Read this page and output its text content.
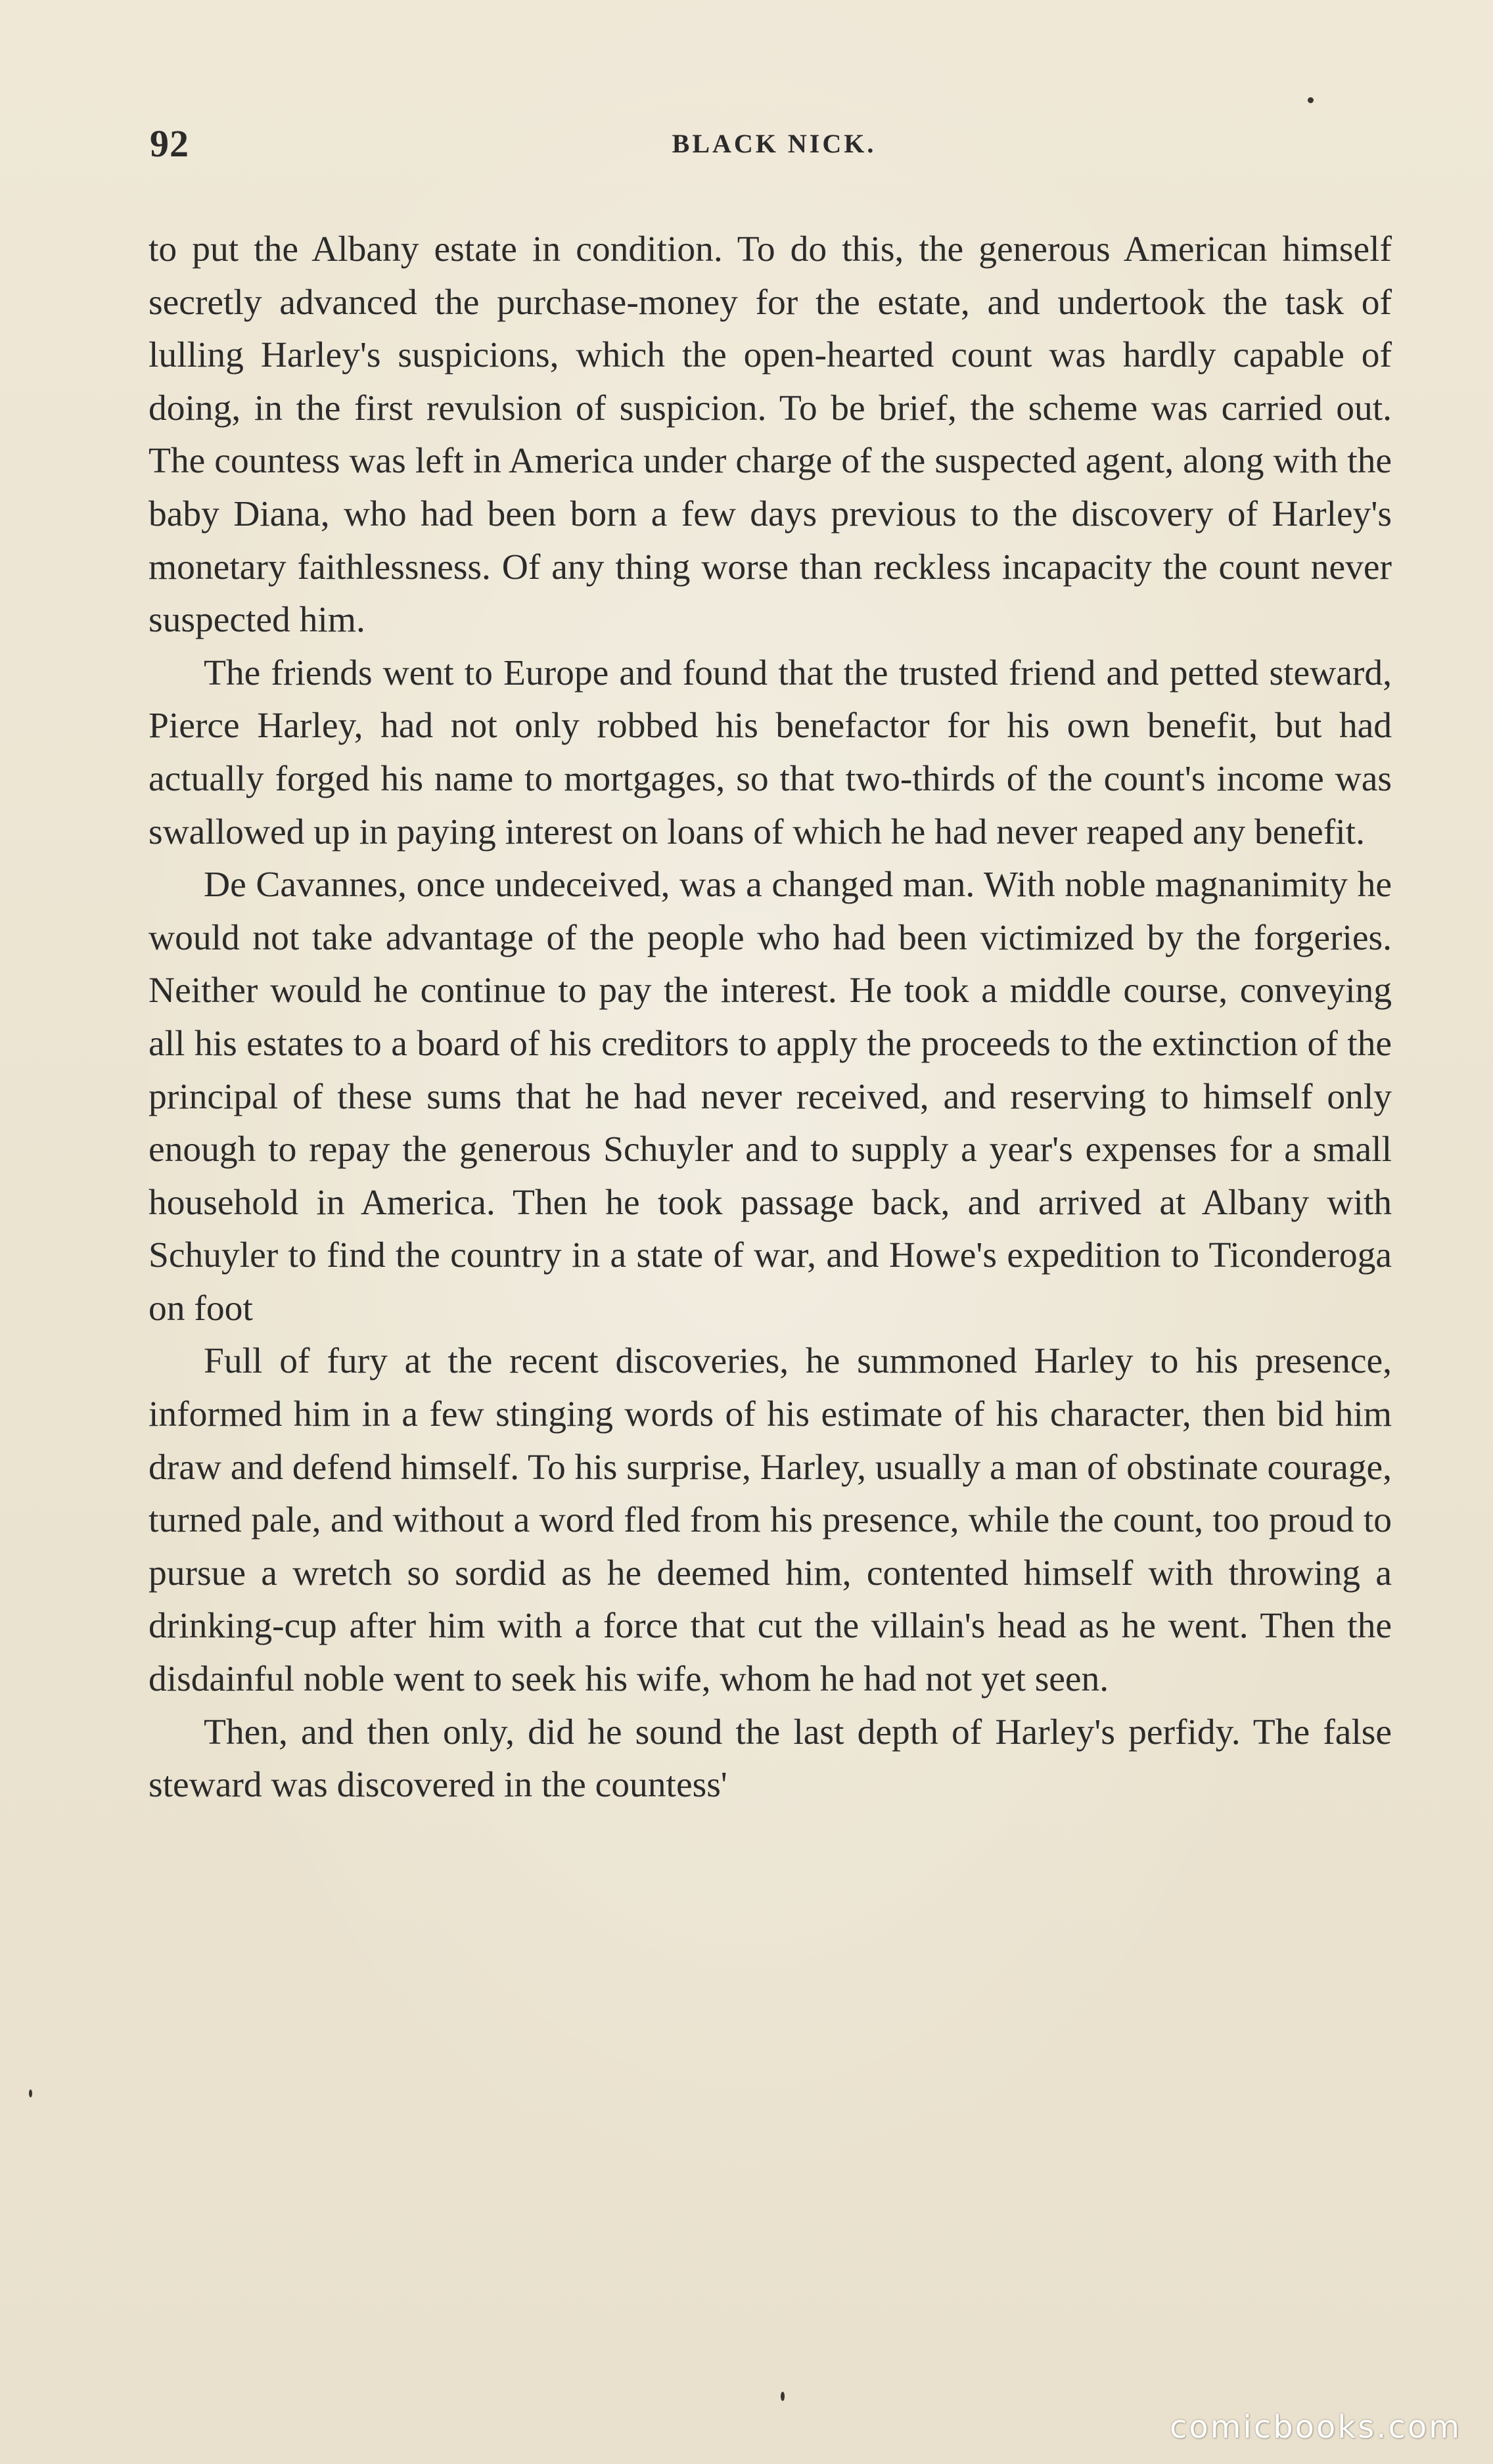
92	BLACK NICK.

to put the Albany estate in condition. To do this, the generous American himself secretly advanced the purchase-money for the estate, and undertook the task of lulling Harley's suspicions, which the open-hearted count was hardly capable of doing, in the first revulsion of suspicion. To be brief, the scheme was carried out. The countess was left in America under charge of the suspected agent, along with the baby Diana, who had been born a few days previous to the discovery of Harley's monetary faithlessness. Of any thing worse than reckless incapacity the count never suspected him.

The friends went to Europe and found that the trusted friend and petted steward, Pierce Harley, had not only robbed his benefactor for his own benefit, but had actually forged his name to mortgages, so that two-thirds of the count's income was swallowed up in paying interest on loans of which he had never reaped any benefit.

De Cavannes, once undeceived, was a changed man. With noble magnanimity he would not take advantage of the people who had been victimized by the forgeries. Neither would he continue to pay the interest. He took a middle course, conveying all his estates to a board of his creditors to apply the proceeds to the extinction of the principal of these sums that he had never received, and reserving to himself only enough to repay the generous Schuyler and to supply a year's expenses for a small household in America. Then he took passage back, and arrived at Albany with Schuyler to find the country in a state of war, and Howe's expedition to Ticonderoga on foot

Full of fury at the recent discoveries, he summoned Harley to his presence, informed him in a few stinging words of his estimate of his character, then bid him draw and defend himself. To his surprise, Harley, usually a man of obstinate courage, turned pale, and without a word fled from his presence, while the count, too proud to pursue a wretch so sordid as he deemed him, contented himself with throwing a drinking-cup after him with a force that cut the villain's head as he went. Then the disdainful noble went to seek his wife, whom he had not yet seen.

Then, and then only, did he sound the last depth of Harley's perfidy. The false steward was discovered in the countess'

comicbooks.com
